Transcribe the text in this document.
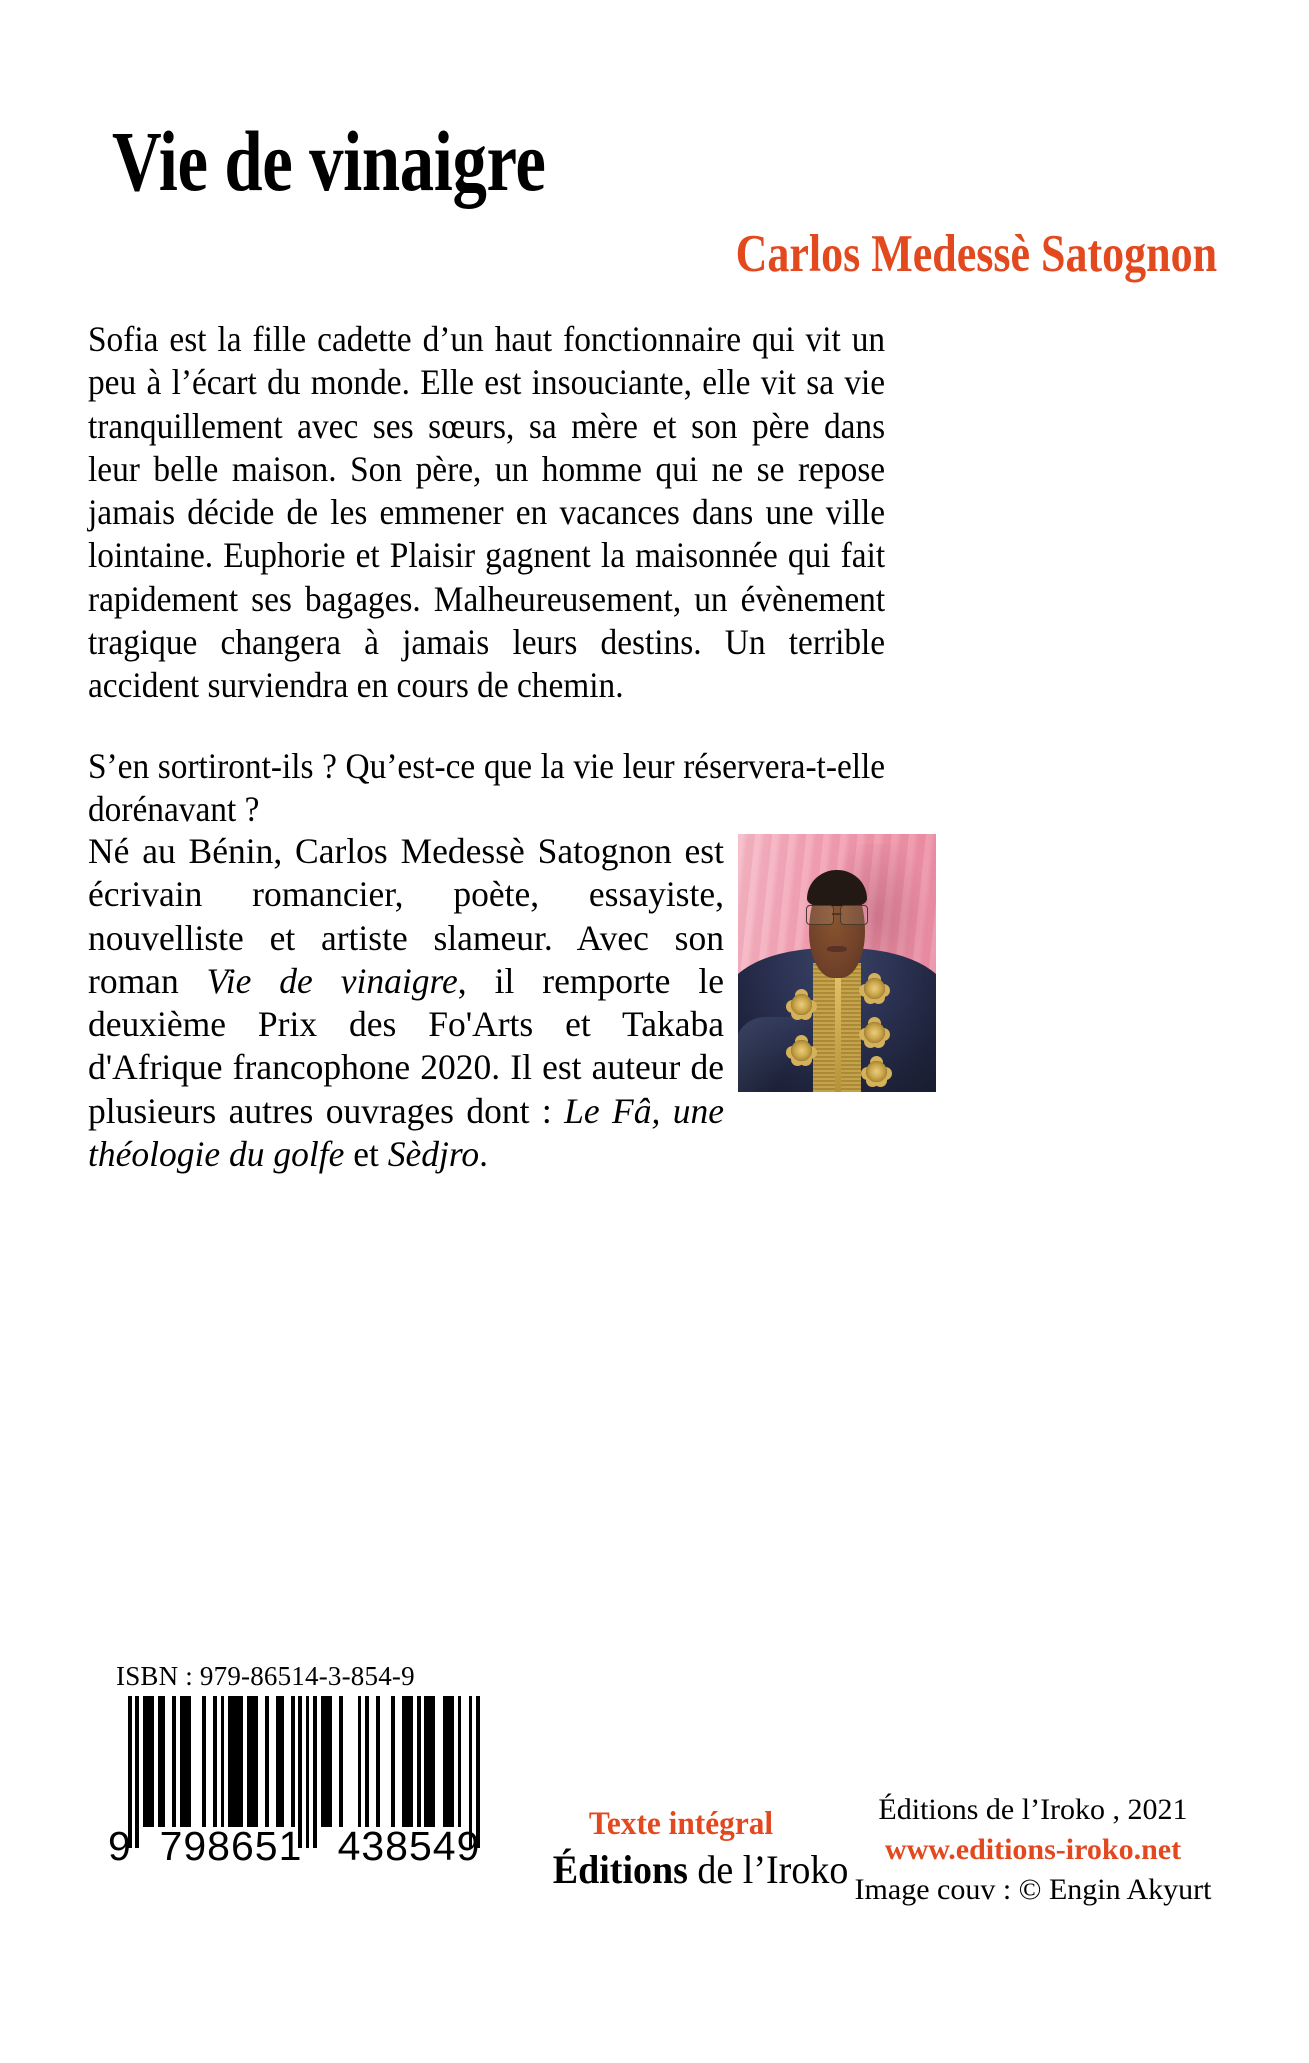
Vie de vinaigre
Carlos Medessè Satognon

Sofia est la fille cadette d’un haut fonctionnaire qui vit un peu à l’écart du monde. Elle est insouciante, elle vit sa vie tranquillement avec ses sœurs, sa mère et son père dans leur belle maison. Son père, un homme qui ne se repose jamais décide de les emmener en vacances dans une ville lointaine. Euphorie et Plaisir gagnent la maisonnée qui fait rapidement ses bagages. Malheureusement, un évènement tragique changera à jamais leurs destins. Un terrible accident surviendra en cours de chemin.

S’en sortiront-ils ? Qu’est-ce que la vie leur réservera-t-elle dorénavant ?

Né au Bénin, Carlos Medessè Satognon est écrivain romancier, poète, essayiste, nouvelliste et artiste slameur. Avec son roman Vie de vinaigre, il remporte le deuxième Prix des Fo'Arts et Takaba d'Afrique francophone 2020. Il est auteur de plusieurs autres ouvrages dont : Le Fâ, une théologie du golfe et Sèdjro.
ISBN : 979-86514-3-854-9
9 798651 438549	Texte intégral
Éditions de l’Iroko
Éditions de l’Iroko , 2021
www.editions-iroko.net
Image couv : © Engin Akyurt
